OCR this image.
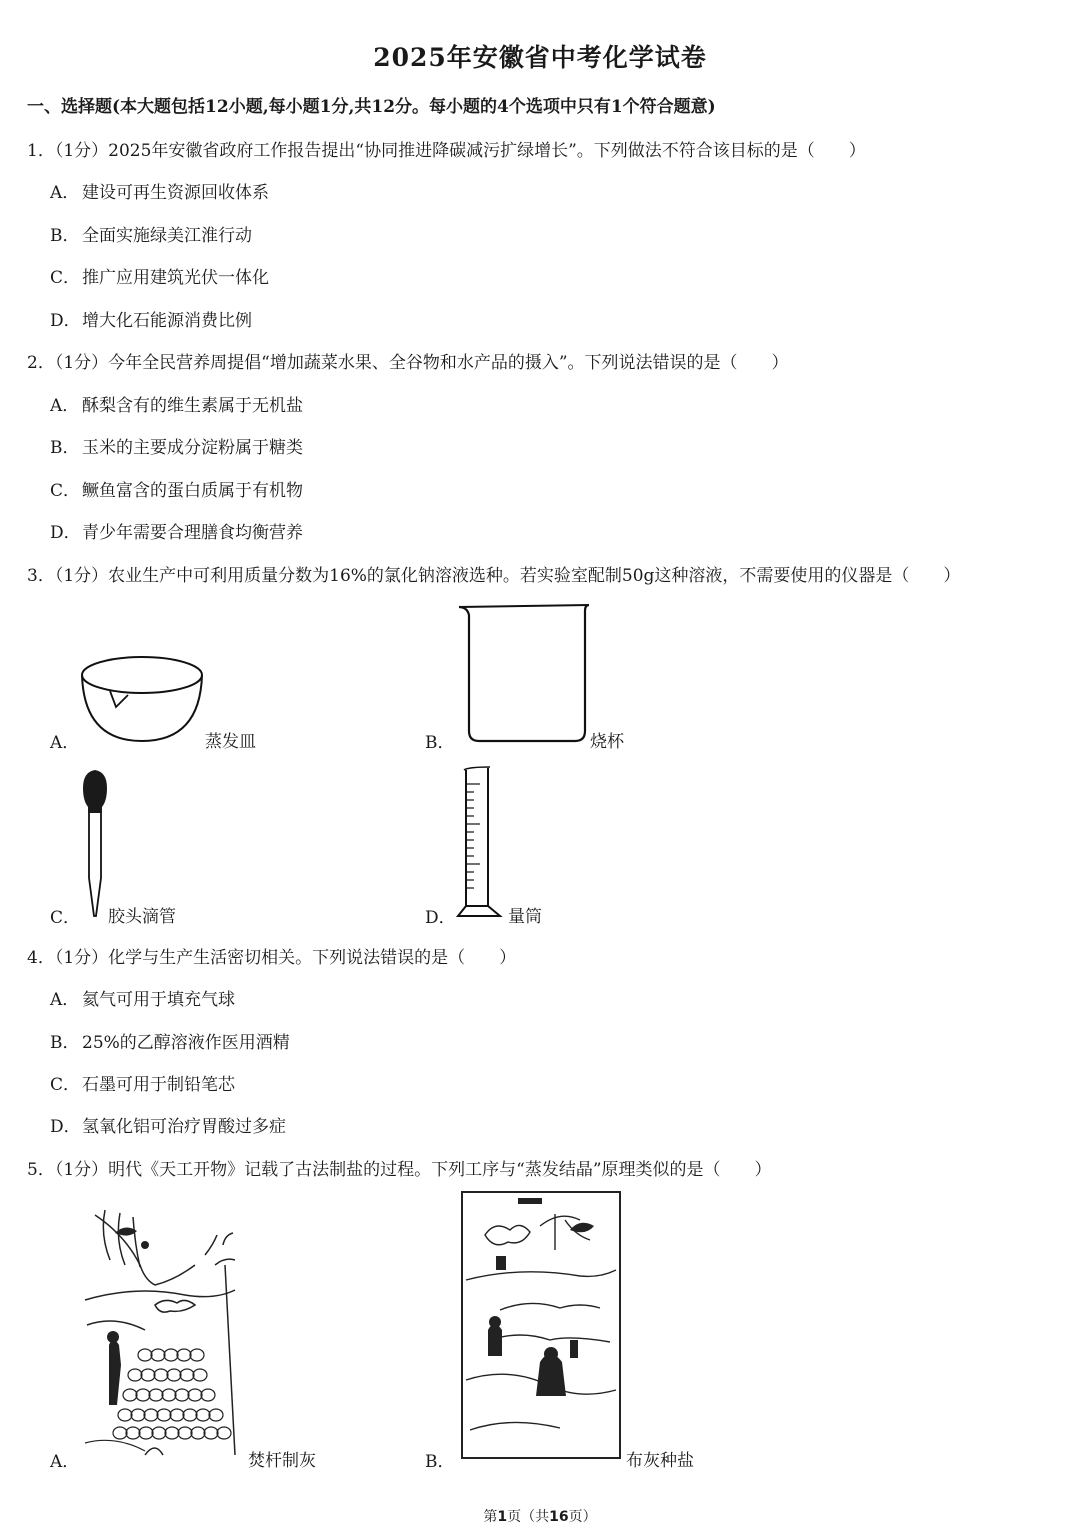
2025年安徽省中考化学试卷
一、选择题(本大题包括12小题,每小题1分,共12分。每小题的4个选项中只有1个符合题意)
1．（1分）2025年安徽省政府工作报告提出“协同推进降碳减污扩绿增长”。下列做法不符合该目标的是（　　）
A． 建设可再生资源回收体系
B． 全面实施绿美江淮行动
C． 推广应用建筑光伏一体化
D．增大化石能源消费比例
2．（1分）今年全民营养周提倡“增加蔬菜水果、全谷物和水产品的摄入”。下列说法错误的是（　　）
A． 酥梨含有的维生素属于无机盐
B． 玉米的主要成分淀粉属于糖类
C． 鳜鱼富含的蛋白质属于有机物
D．青少年需要合理膳食均衡营养
3．（1分）农业生产中可利用质量分数为16%的氯化钠溶液选种。若实验室配制50g这种溶液，不需要使用的仪器是（　　）
A．	蒸发皿	B．	烧杯
C． 胶头滴管	D．	量筒
4．（1分）化学与生产生活密切相关。下列说法错误的是（　　）
A． 氦气可用于填充气球
B． 25%的乙醇溶液作医用酒精
C． 石墨可用于制铅笔芯
D．氢氧化铝可治疗胃酸过多症
5．（1分）明代《天工开物》记载了古法制盐的过程。下列工序与“蒸发结晶”原理类似的是（　　）
A．	焚杆制灰	B．	布灰种盐
第1页（共16页）
